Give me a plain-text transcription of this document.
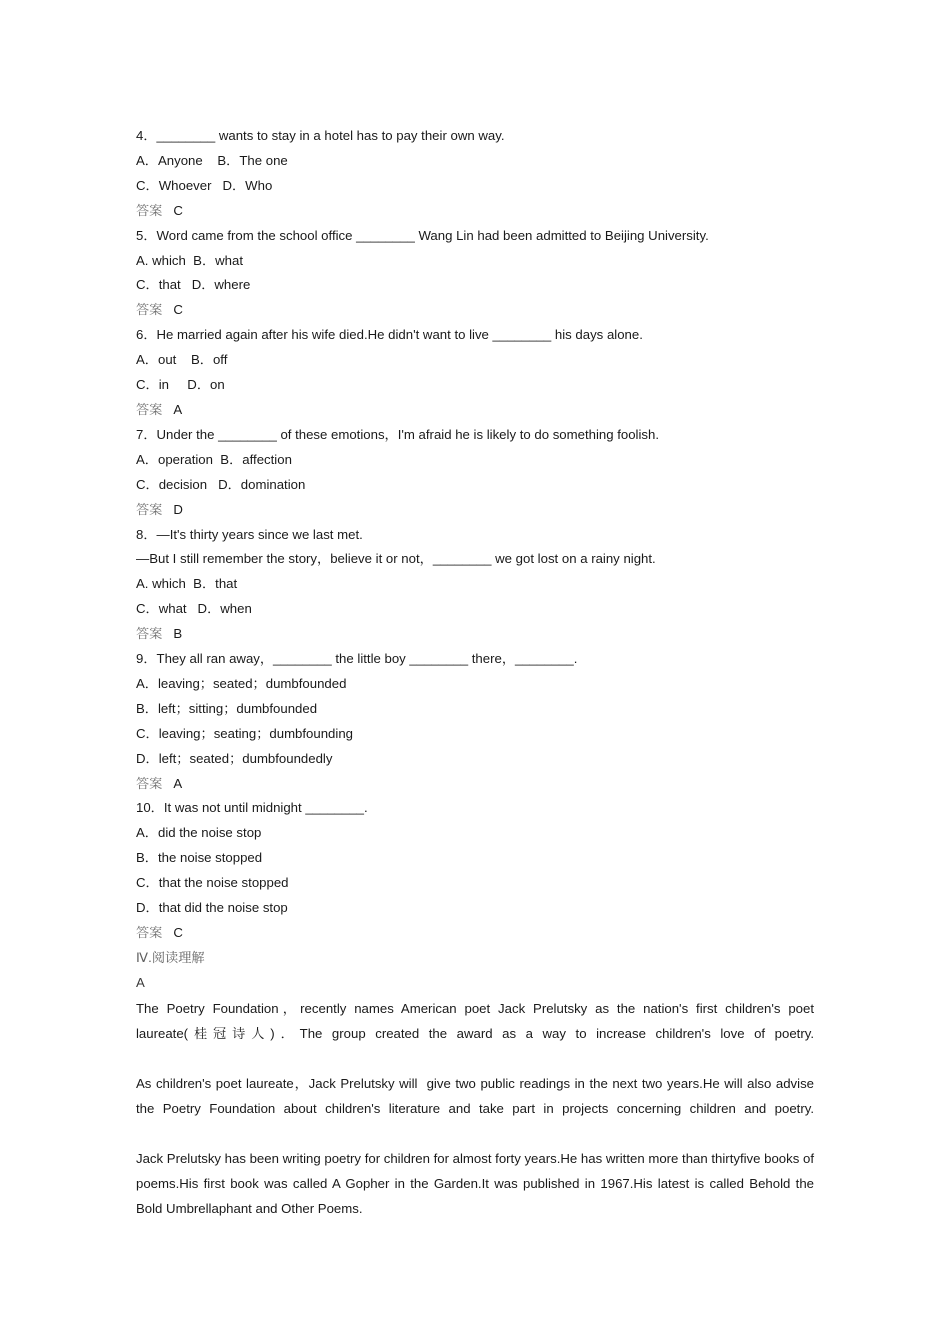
4．________ wants to stay in a hotel has to pay their own way.
A．Anyone    B．The one
C．Whoever   D．Who
答案 C
5．Word came from the school office ________ Wang Lin had been admitted to Beijing University.
A. which  B．what
C．that   D．where
答案 C
6．He married again after his wife died.He didn't want to live ________ his days alone.
A．out    B．off
C．in     D．on
答案 A
7．Under the ________ of these emotions，I'm afraid he is likely to do something foolish.
A．operation  B．affection
C．decision   D．domination
答案 D
8．—It's thirty years since we last met.
—But I still remember the story，believe it or not，________ we got lost on a rainy night.
A. which  B．that
C．what   D．when
答案 B
9．They all ran away，________ the little boy ________ there，________.
A．leaving；seated；dumbfounded
B．left；sitting；dumbfounded
C．leaving；seating；dumbfounding
D．left；seated；dumbfoundedly
答案 A
10．It was not until midnight ________.
A．did the noise stop
B．the noise stopped
C．that the noise stopped
D．that did the noise stop
答案 C
Ⅳ.阅读理解
A

The Poetry Foundation，recently names American poet Jack Prelutsky as the nation's first children's poet laureate(桂冠诗人)．The group created the award as a way to increase children's love of poetry.

As children's poet laureate，Jack Prelutsky will  give two public readings in the next two years.He will also advise the Poetry Foundation about children's literature and take part in projects concerning children and poetry.

Jack Prelutsky has been writing poetry for children for almost forty years.He has written more than thirtyfive books of poems.His first book was called A Gopher in the Garden.It was published in 1967.His latest is called Behold the Bold Umbrellaphant and Other Poems.
